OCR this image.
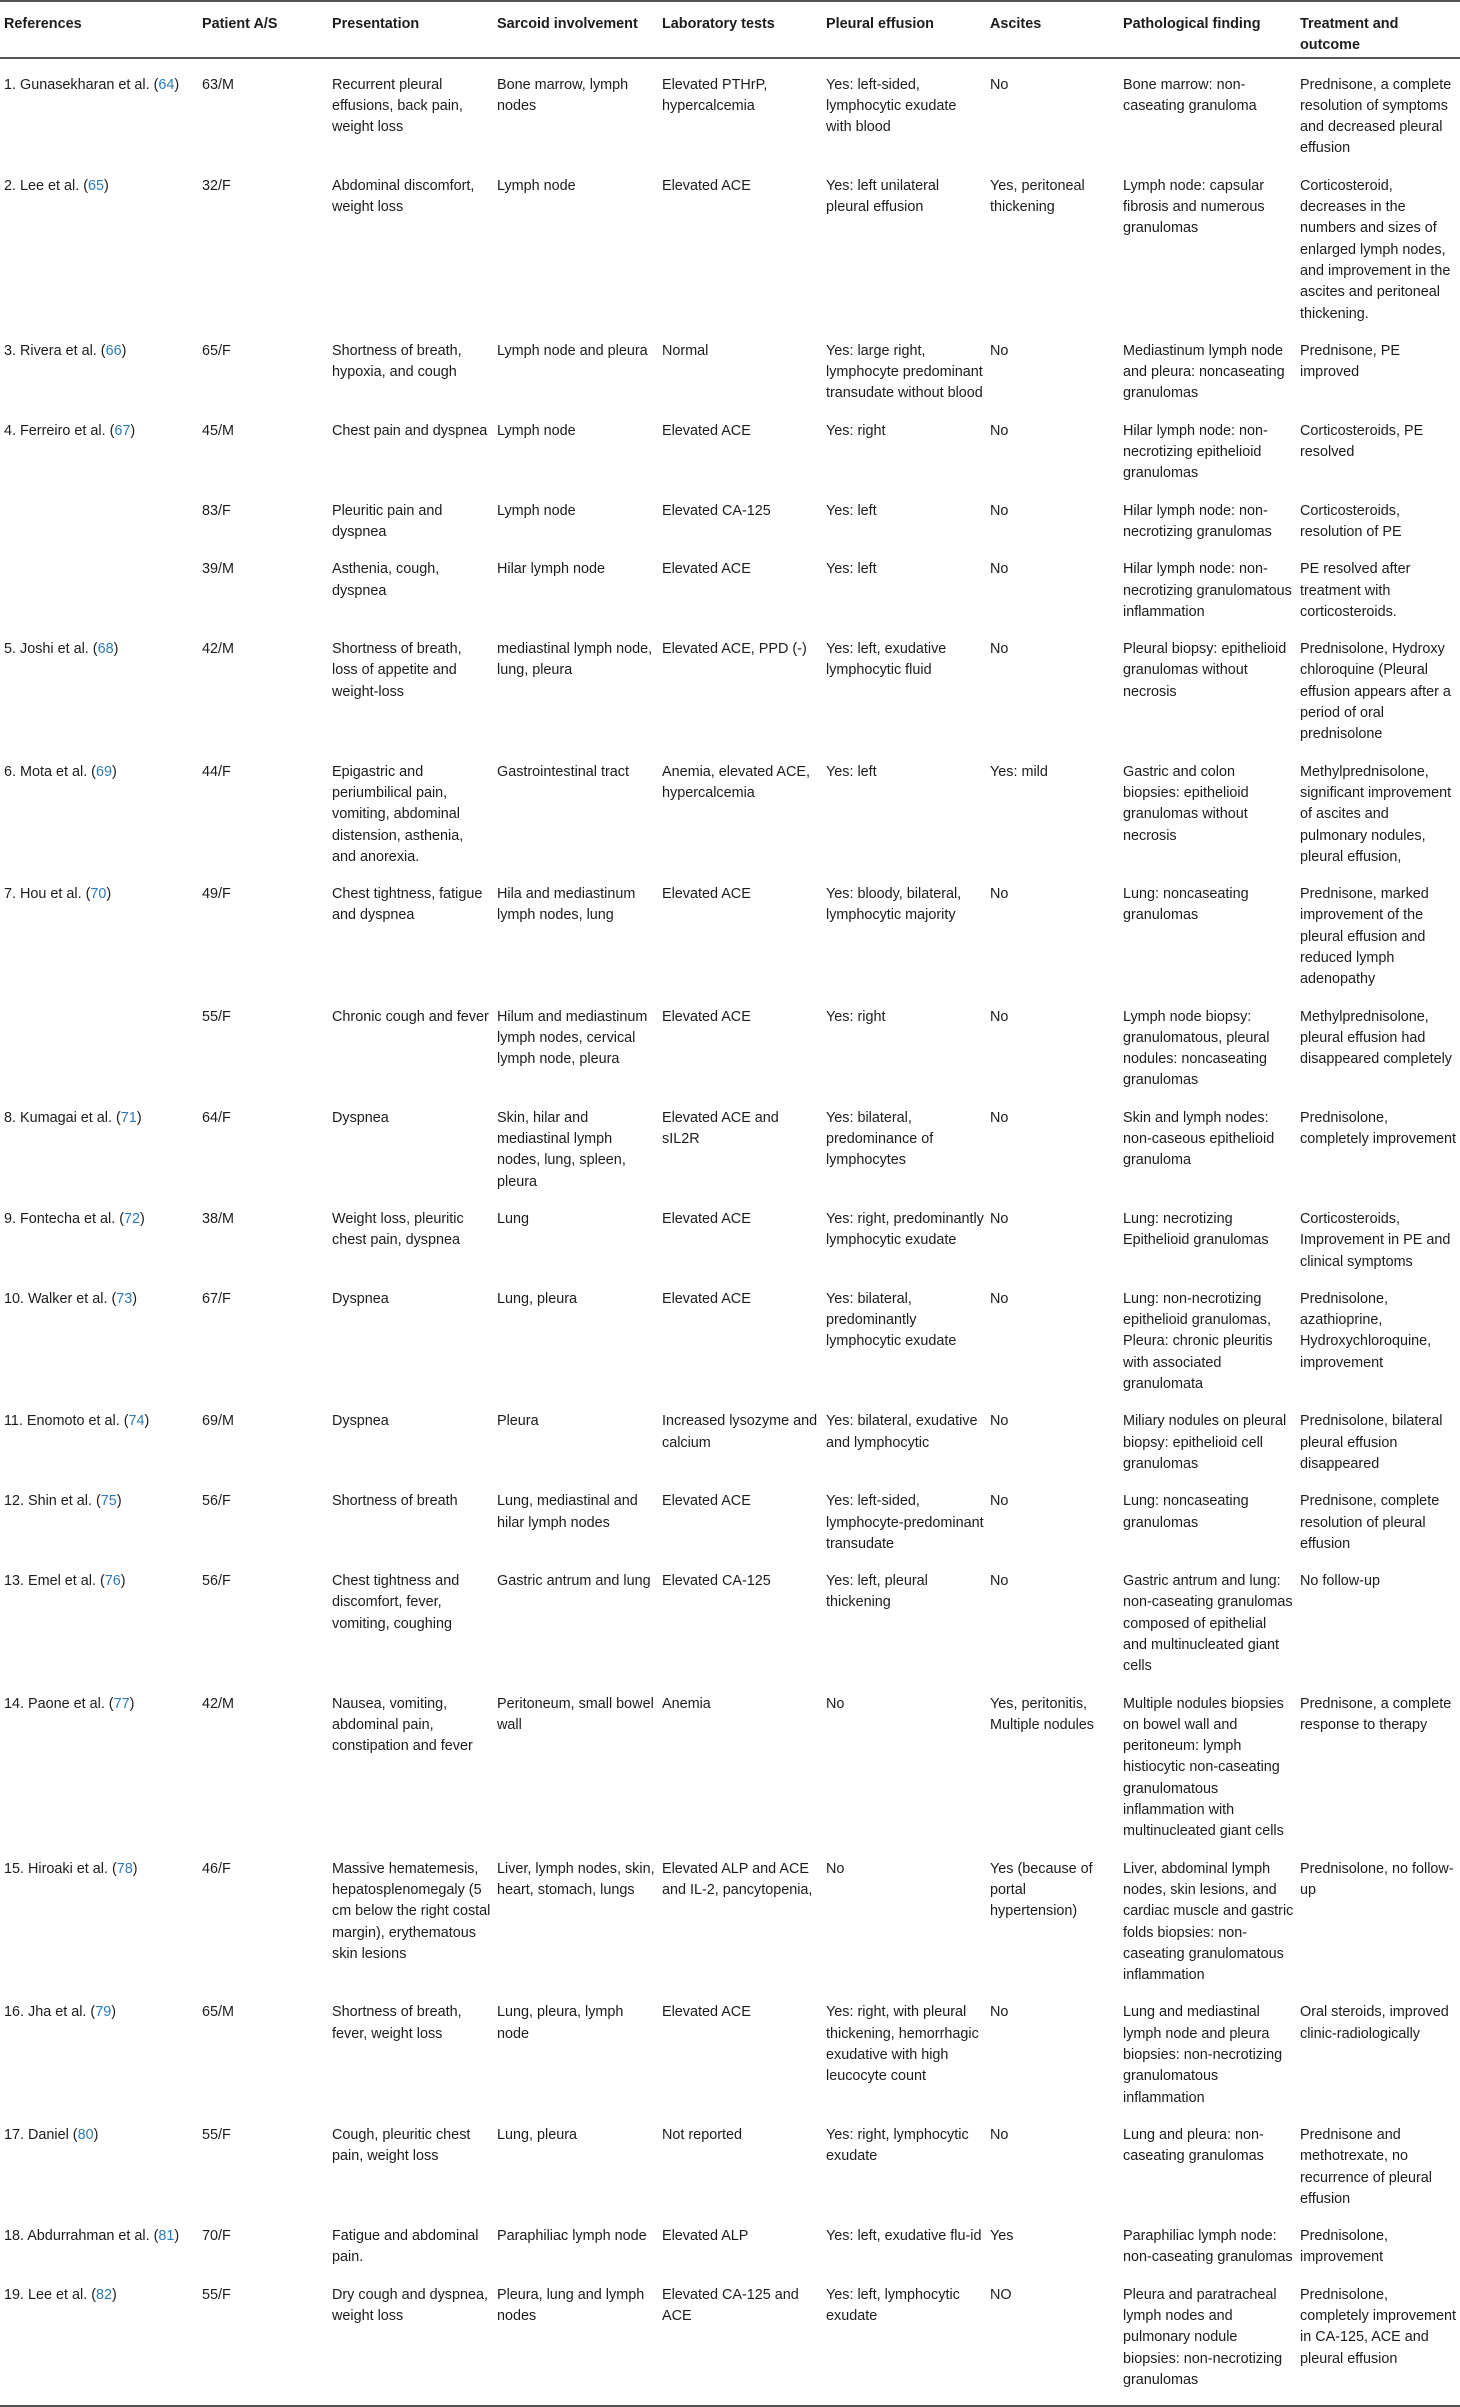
References	Patient A/S	Presentation	Sarcoid involvement	Laboratory tests	Pleural effusion	Ascites	Pathological finding	Treatment and outcome
1. Gunasekharan et al. (64)	63/M	Recurrent pleural effusions, back pain, weight loss	Bone marrow, lymph nodes	Elevated PTHrP, hypercalcemia	Yes: left-sided, lymphocytic exudate with blood	No	Bone marrow: non-caseating granuloma	Prednisone, a complete resolution of symptoms and decreased pleural effusion
2. Lee et al. (65)	32/F	Abdominal discomfort, weight loss	Lymph node	Elevated ACE	Yes: left unilateral pleural effusion	Yes, peritoneal thickening	Lymph node: capsular fibrosis and numerous granulomas	Corticosteroid, decreases in the numbers and sizes of enlarged lymph nodes, and improvement in the ascites and peritoneal thickening.
3. Rivera et al. (66)	65/F	Shortness of breath, hypoxia, and cough	Lymph node and pleura	Normal	Yes: large right, lymphocyte predominant transudate without blood	No	Mediastinum lymph node and pleura: noncaseating granulomas	Prednisone, PE improved
4. Ferreiro et al. (67)	45/M	Chest pain and dyspnea	Lymph node	Elevated ACE	Yes: right	No	Hilar lymph node: non-necrotizing epithelioid granulomas	Corticosteroids, PE resolved
	83/F	Pleuritic pain and dyspnea	Lymph node	Elevated CA-125	Yes: left	No	Hilar lymph node: non-necrotizing granulomas	Corticosteroids, resolution of PE
	39/M	Asthenia, cough, dyspnea	Hilar lymph node	Elevated ACE	Yes: left	No	Hilar lymph node: non-necrotizing granulomatous inflammation	PE resolved after treatment with corticosteroids.
5. Joshi et al. (68)	42/M	Shortness of breath, loss of appetite and weight-loss	mediastinal lymph node, lung, pleura	Elevated ACE, PPD (-)	Yes: left, exudative lymphocytic fluid	No	Pleural biopsy: epithelioid granulomas without necrosis	Prednisolone, Hydroxy chloroquine (Pleural effusion appears after a period of oral prednisolone
6. Mota et al. (69)	44/F	Epigastric and periumbilical pain, vomiting, abdominal distension, asthenia, and anorexia.	Gastrointestinal tract	Anemia, elevated ACE, hypercalcemia	Yes: left	Yes: mild	Gastric and colon biopsies: epithelioid granulomas without necrosis	Methylprednisolone, significant improvement of ascites and pulmonary nodules, pleural effusion,
7. Hou et al. (70)	49/F	Chest tightness, fatigue and dyspnea	Hila and mediastinum lymph nodes, lung	Elevated ACE	Yes: bloody, bilateral, lymphocytic majority	No	Lung: noncaseating granulomas	Prednisone, marked improvement of the pleural effusion and reduced lymph adenopathy
	55/F	Chronic cough and fever	Hilum and mediastinum lymph nodes, cervical lymph node, pleura	Elevated ACE	Yes: right	No	Lymph node biopsy: granulomatous, pleural nodules: noncaseating granulomas	Methylprednisolone, pleural effusion had disappeared completely
8. Kumagai et al. (71)	64/F	Dyspnea	Skin, hilar and mediastinal lymph nodes, lung, spleen, pleura	Elevated ACE and sIL2R	Yes: bilateral, predominance of lymphocytes	No	Skin and lymph nodes: non-caseous epithelioid granuloma	Prednisolone, completely improvement
9. Fontecha et al. (72)	38/M	Weight loss, pleuritic chest pain, dyspnea	Lung	Elevated ACE	Yes: right, predominantly lymphocytic exudate	No	Lung: necrotizing Epithelioid granulomas	Corticosteroids, Improvement in PE and clinical symptoms
10. Walker et al. (73)	67/F	Dyspnea	Lung, pleura	Elevated ACE	Yes: bilateral, predominantly lymphocytic exudate	No	Lung: non-necrotizing epithelioid granulomas, Pleura: chronic pleuritis with associated granulomata	Prednisolone, azathioprine, Hydroxychloroquine, improvement
11. Enomoto et al. (74)	69/M	Dyspnea	Pleura	Increased lysozyme and calcium	Yes: bilateral, exudative and lymphocytic	No	Miliary nodules on pleural biopsy: epithelioid cell granulomas	Prednisolone, bilateral pleural effusion disappeared
12. Shin et al. (75)	56/F	Shortness of breath	Lung, mediastinal and hilar lymph nodes	Elevated ACE	Yes: left-sided, lymphocyte-predominant transudate	No	Lung: noncaseating granulomas	Prednisone, complete resolution of pleural effusion
13. Emel et al. (76)	56/F	Chest tightness and discomfort, fever, vomiting, coughing	Gastric antrum and lung	Elevated CA-125	Yes: left, pleural thickening	No	Gastric antrum and lung: non-caseating granulomas composed of epithelial and multinucleated giant cells	No follow-up
14. Paone et al. (77)	42/M	Nausea, vomiting, abdominal pain, constipation and fever	Peritoneum, small bowel wall	Anemia	No	Yes, peritonitis, Multiple nodules	Multiple nodules biopsies on bowel wall and peritoneum: lymph histiocytic non-caseating granulomatous inflammation with multinucleated giant cells	Prednisone, a complete response to therapy
15. Hiroaki et al. (78)	46/F	Massive hematemesis, hepatosplenomegaly (5 cm below the right costal margin), erythematous skin lesions	Liver, lymph nodes, skin, heart, stomach, lungs	Elevated ALP and ACE and IL-2, pancytopenia,	No	Yes (because of portal hypertension)	Liver, abdominal lymph nodes, skin lesions, and cardiac muscle and gastric folds biopsies: non-caseating granulomatous inflammation	Prednisolone, no follow-up
16. Jha et al. (79)	65/M	Shortness of breath, fever, weight loss	Lung, pleura, lymph node	Elevated ACE	Yes: right, with pleural thickening, hemorrhagic exudative with high leucocyte count	No	Lung and mediastinal lymph node and pleura biopsies: non-necrotizing granulomatous inflammation	Oral steroids, improved clinic-radiologically
17. Daniel (80)	55/F	Cough, pleuritic chest pain, weight loss	Lung, pleura	Not reported	Yes: right, lymphocytic exudate	No	Lung and pleura: non-caseating granulomas	Prednisone and methotrexate, no recurrence of pleural effusion
18. Abdurrahman et al. (81)	70/F	Fatigue and abdominal pain.	Paraphiliac lymph node	Elevated ALP	Yes: left, exudative flu-id	Yes	Paraphiliac lymph node: non-caseating granulomas	Prednisolone, improvement
19. Lee et al. (82)	55/F	Dry cough and dyspnea, weight loss	Pleura, lung and lymph nodes	Elevated CA-125 and ACE	Yes: left, lymphocytic exudate	NO	Pleura and paratracheal lymph nodes and pulmonary nodule biopsies: non-necrotizing granulomas	Prednisolone, completely improvement in CA-125, ACE and pleural effusion
